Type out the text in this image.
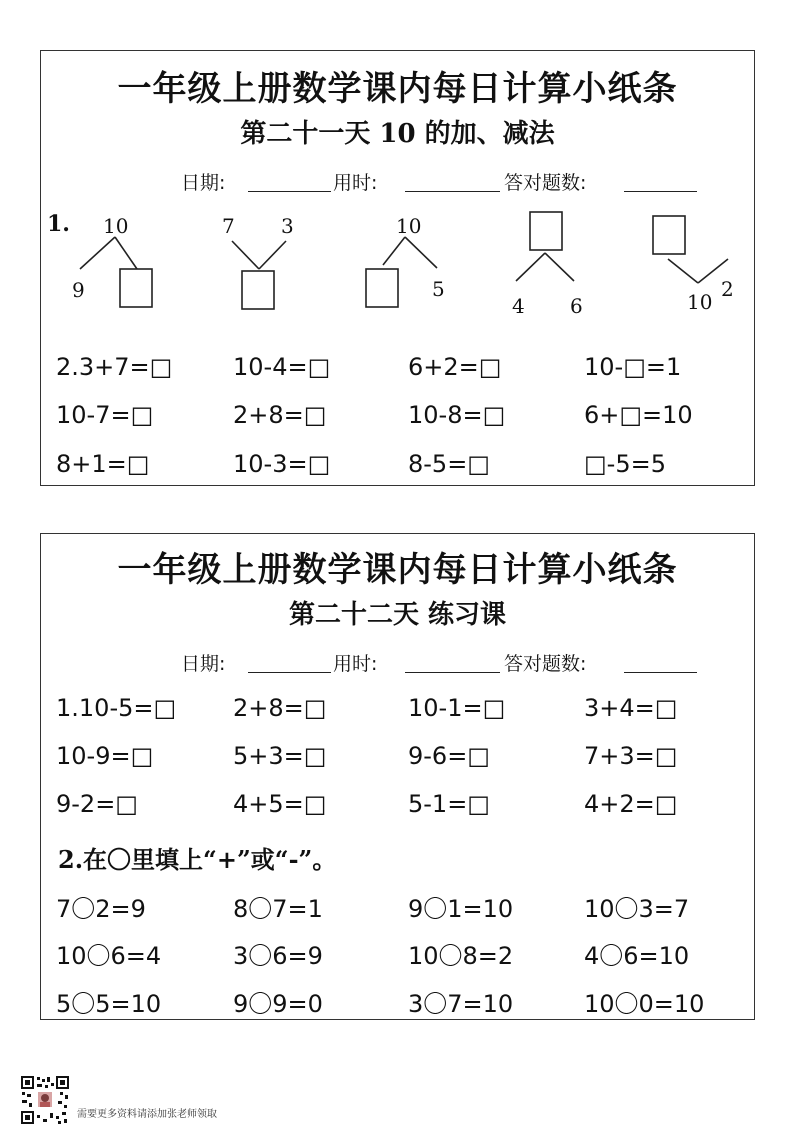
一年级上册数学课内每日计算小纸条
第二十一天 10 的加、减法
日期:	用时:	答对题数:
1. 10
9
7 3	10
5
4 6
2
10
2.3+7=□	10-4=□	6+2=□	10-□=1
10-7=□	2+8=□	10-8=□	6+□=10
8+1=□	10-3=□	8-5=□	□-5=5
一年级上册数学课内每日计算小纸条
第二十二天 练习课
日期:	用时:	答对题数:
1.10-5=□ 2+8=□	10-1=□	3+4=□
10-9=□	5+3=□	9-6=□	7+3=□
9-2=□	4+5=□	5-1=□	4+2=□
2.在〇里填上“+”或“-”。
7〇2=9	8〇7=1	9〇1=10	10〇3=7
10〇6=4	3〇6=9	10〇8=2	4〇6=10
5〇5=10	9〇9=0	3〇7=10	10〇0=10
需要更多资料请添加张老师领取
